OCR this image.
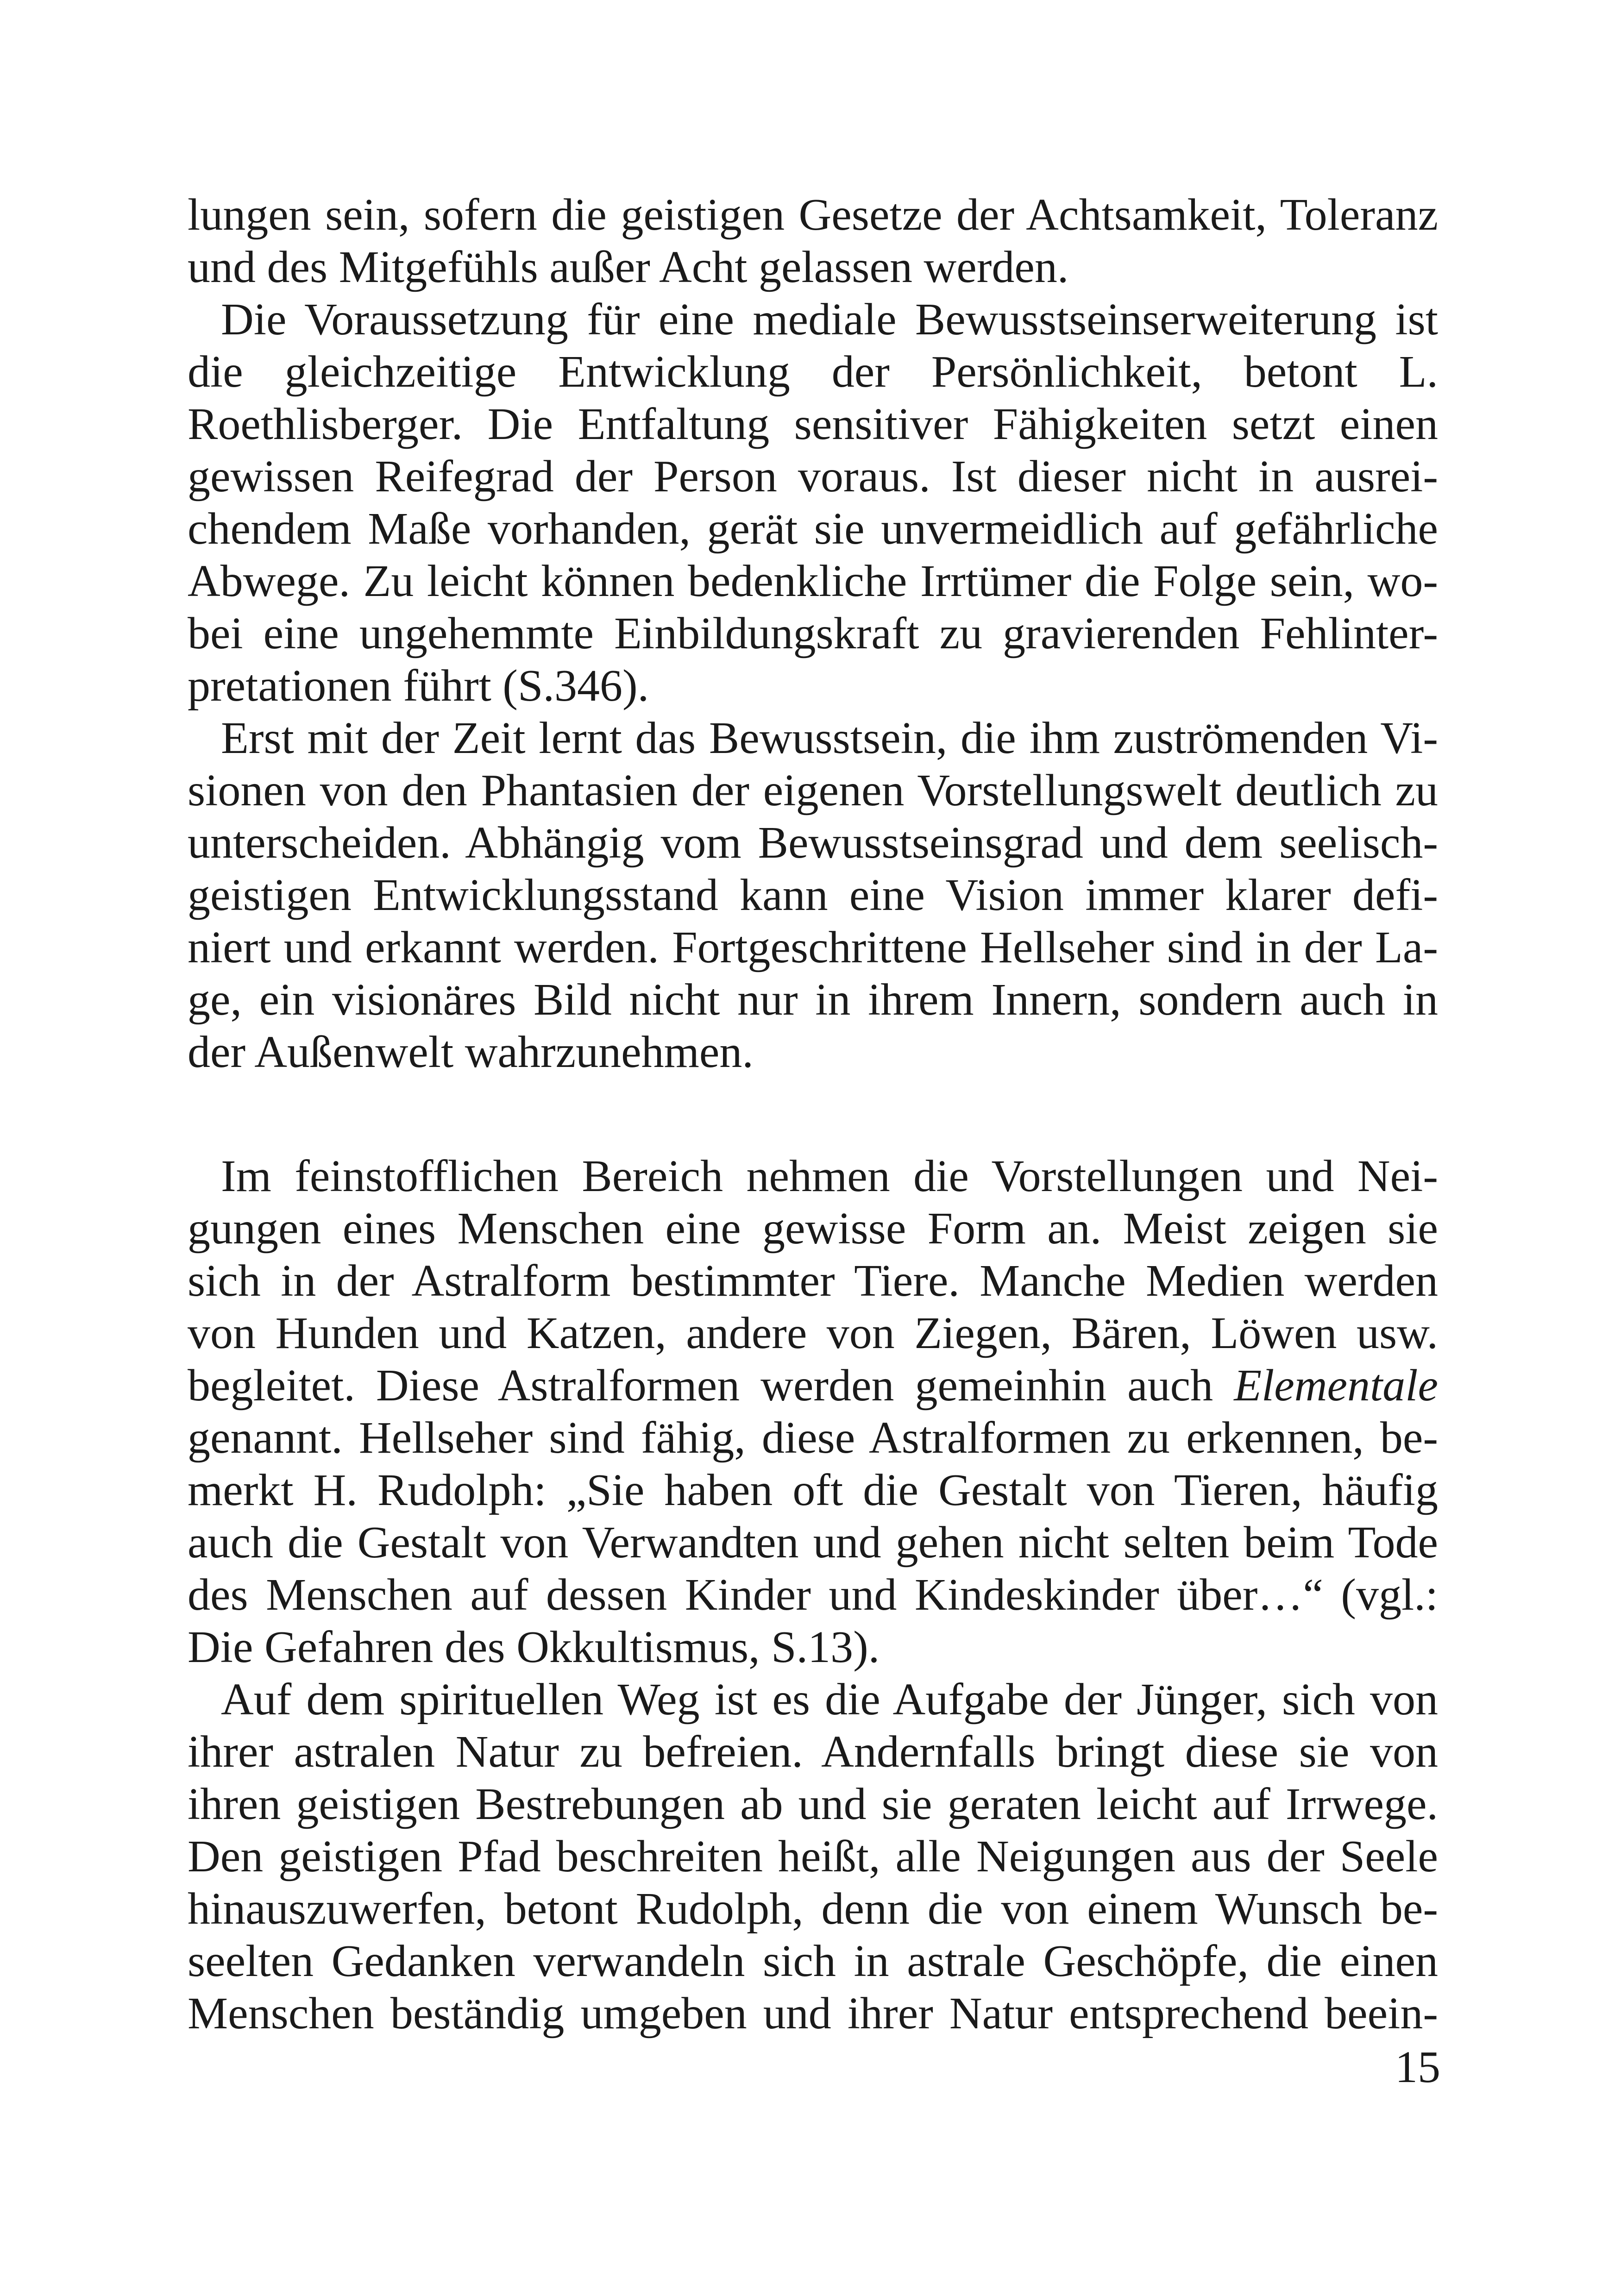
lungen sein, sofern die geistigen Gesetze der Achtsamkeit, Toleranz
und des Mitgefühls außer Acht gelassen werden.
Die Voraussetzung für eine mediale Bewusstseinserweiterung ist
die gleichzeitige Entwicklung der Persönlichkeit, betont L.
Roethlisberger. Die Entfaltung sensitiver Fähigkeiten setzt einen
gewissen Reifegrad der Person voraus. Ist dieser nicht in ausrei-
chendem Maße vorhanden, gerät sie unvermeidlich auf gefährliche
Abwege. Zu leicht können bedenkliche Irrtümer die Folge sein, wo-
bei eine ungehemmte Einbildungskraft zu gravierenden Fehlinter-
pretationen führt (S.346).
Erst mit der Zeit lernt das Bewusstsein, die ihm zuströmenden Vi-
sionen von den Phantasien der eigenen Vorstellungswelt deutlich zu
unterscheiden. Abhängig vom Bewusstseinsgrad und dem seelisch-
geistigen Entwicklungsstand kann eine Vision immer klarer defi-
niert und erkannt werden. Fortgeschrittene Hellseher sind in der La-
ge, ein visionäres Bild nicht nur in ihrem Innern, sondern auch in
der Außenwelt wahrzunehmen.
Im feinstofflichen Bereich nehmen die Vorstellungen und Nei-
gungen eines Menschen eine gewisse Form an. Meist zeigen sie
sich in der Astralform bestimmter Tiere. Manche Medien werden
von Hunden und Katzen, andere von Ziegen, Bären, Löwen usw.
begleitet. Diese Astralformen werden gemeinhin auch Elementale
genannt. Hellseher sind fähig, diese Astralformen zu erkennen, be-
merkt H. Rudolph: „Sie haben oft die Gestalt von Tieren, häufig
auch die Gestalt von Verwandten und gehen nicht selten beim Tode
des Menschen auf dessen Kinder und Kindeskinder über…“ (vgl.:
Die Gefahren des Okkultismus, S.13).
Auf dem spirituellen Weg ist es die Aufgabe der Jünger, sich von
ihrer astralen Natur zu befreien. Andernfalls bringt diese sie von
ihren geistigen Bestrebungen ab und sie geraten leicht auf Irrwege.
Den geistigen Pfad beschreiten heißt, alle Neigungen aus der Seele
hinauszuwerfen, betont Rudolph, denn die von einem Wunsch be-
seelten Gedanken verwandeln sich in astrale Geschöpfe, die einen
Menschen beständig umgeben und ihrer Natur entsprechend beein-
15
